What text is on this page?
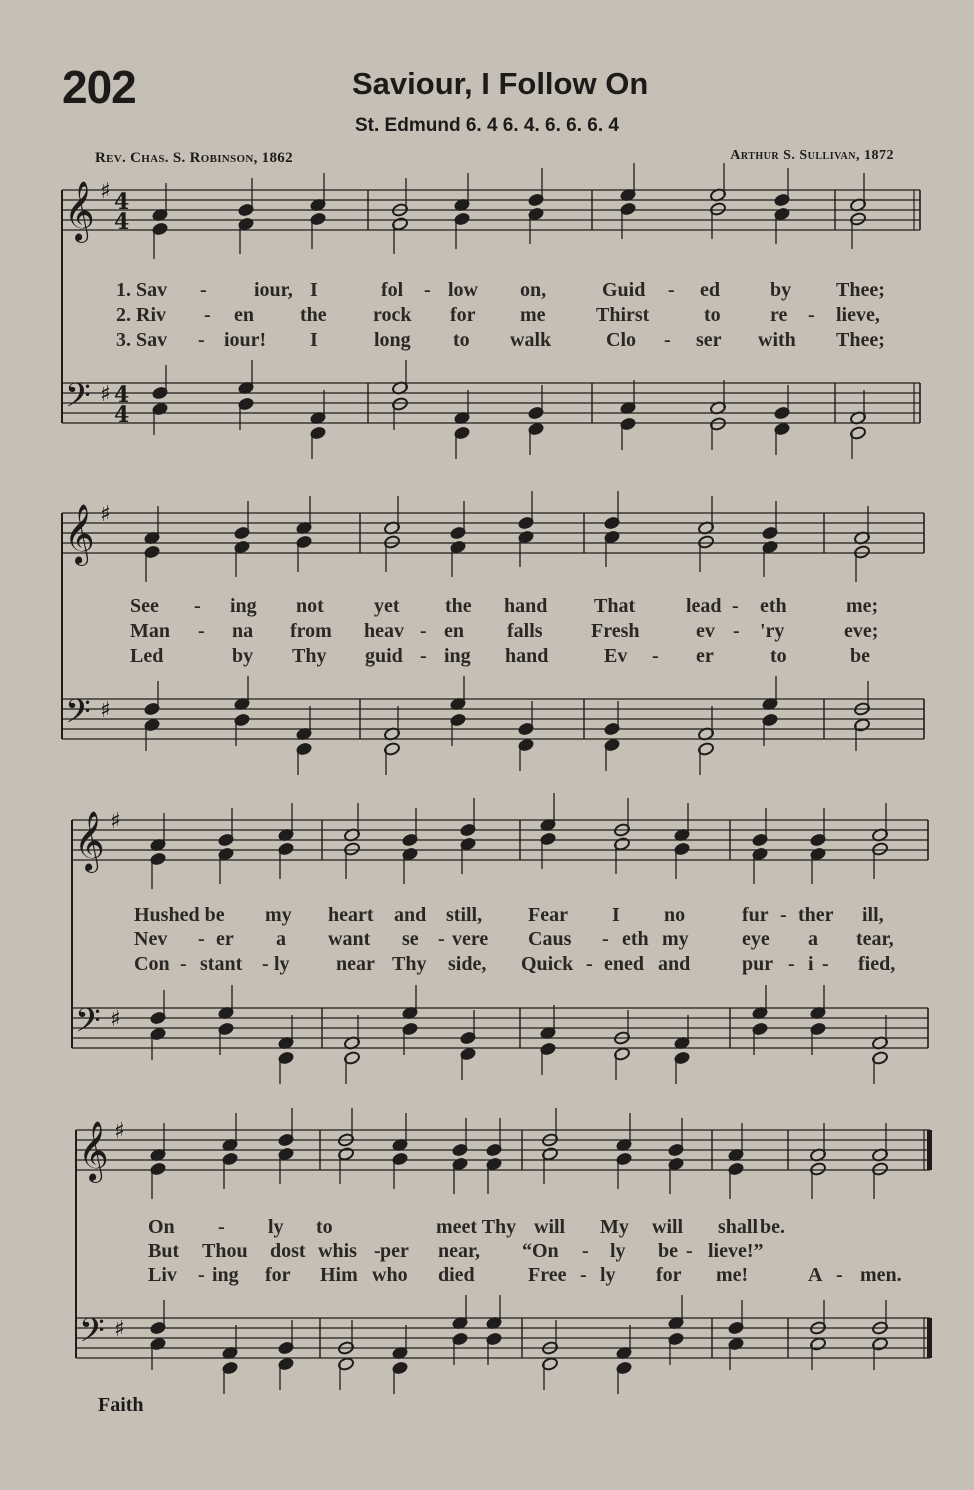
202	Saviour, I Follow On
St. Edmund 6. 4 6. 4. 6. 6. 6. 4
Rev. Chas. S. Robinson, 1862	Arthur S. Sullivan, 1872
𝄞
𝄢
♯
♯
4
4
4
4
1. Sav - iour, I	fol - low on,	Guid - ed	by Thee;
2. Riv - en the rock for me	Thirst	to re - lieve,
3. Sav - iour! I	long to walk	Clo - ser with Thee;
𝄞
𝄢
♯
♯
See - ing not	yet the hand That	lead - eth	me;
Man - na from heav - en falls Fresh	ev - 'ry	eve;
Led	by Thy guid - ing hand	Ev - er	to	be
𝄞
𝄢
♯
♯
Hushed be my heart and still, Fear I no	fur - ther ill,
Nev - er a want se - vere Caus - eth my	eye a tear,
Con - stant - ly near Thy side, Quick - ened and	pur - i - fied,
𝄞
𝄢
♯
♯
On - ly to	meet Thy will My will shall be.
But Thou dost whis - per near, “On - ly be - lieve!”
Liv - ing for Him who died	Free - ly for me!	A - men.
Faith
